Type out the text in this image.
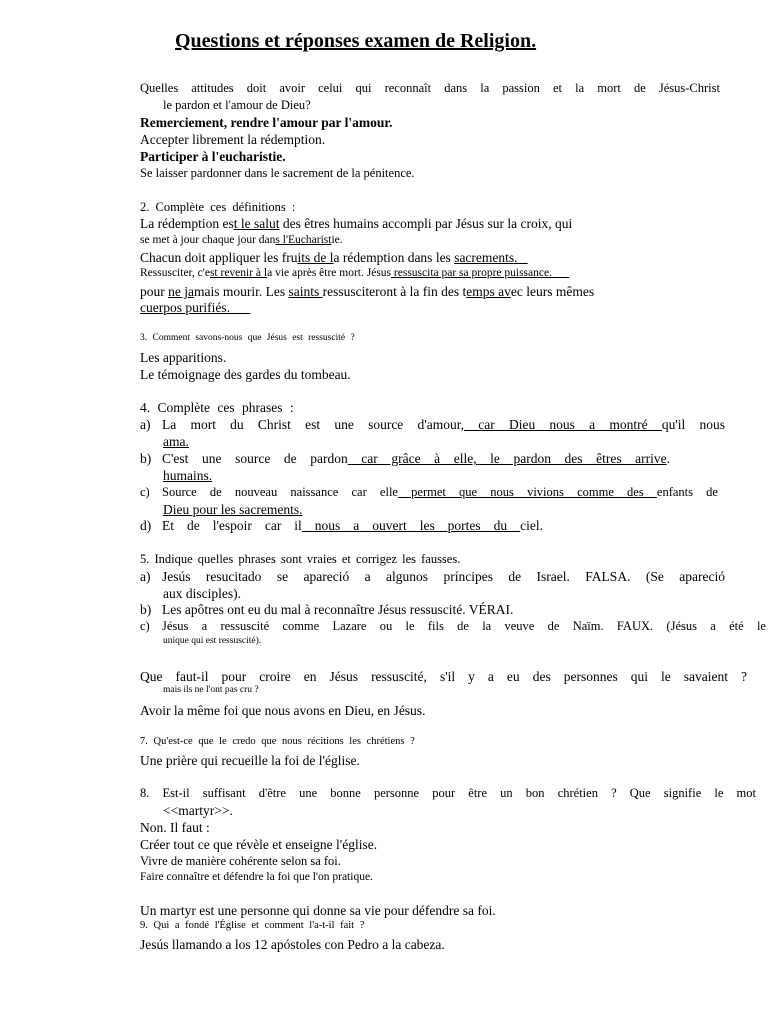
Questions et réponses examen de Religion.
Quelles attitudes doit avoir celui qui reconnaît dans la passion et la mort de Jésus-Christ
le pardon et l'amour de Dieu?
Remerciement, rendre l'amour par l'amour.
Accepter librement la rédemption.
Participer à l'eucharistie.
Se laisser pardonner dans le sacrement de la pénitence.
2. Complète ces définitions :
La rédemption est le salut des êtres humains accompli par Jésus sur la croix, qui
se met à jour chaque jour dans l'Eucharistie.
Chacun doit appliquer les fruits de la rédemption dans les sacrements.
Ressusciter, c'est revenir à la vie après être mort. Jésus ressuscita par sa propre puissance.
pour ne jamais mourir. Les saints ressusciteront à la fin des temps avec leurs mêmes
cuerpos purifiés.
3. Comment savons-nous que Jésus est ressuscité ?
Les apparitions.
Le témoignage des gardes du tombeau.
4. Complète ces phrases :
a) La mort du Christ est une source d'amour, car Dieu nous a montré qu'il nous
ama.
b) C'est une source de pardon car grâce à elle, le pardon des êtres arrive.
humains.
c) Source de nouveau naissance car elle permet que nous vivions comme des enfants de
Dieu pour les sacrements.
d) Et de l'espoir car il nous a ouvert les portes du ciel.
5. Indique quelles phrases sont vraies et corrigez les fausses.
a) Jesús resucitado se apareció a algunos príncipes de Israel. FALSA. (Se apareció
aux disciples).
b) Les apôtres ont eu du mal à reconnaître Jésus ressuscité. VÉRAI.
c) Jésus a ressuscité comme Lazare ou le fils de la veuve de Naïm. FAUX. (Jésus a été le
unique qui est ressuscité).
Que faut-il pour croire en Jésus ressuscité, s'il y a eu des personnes qui le savaient ?
mais ils ne l'ont pas cru ?
Avoir la même foi que nous avons en Dieu, en Jésus.
7. Qu'est-ce que le credo que nous récitions les chrétiens ?
Une prière qui recueille la foi de l'église.
8. Est-il suffisant d'être une bonne personne pour être un bon chrétien ? Que signifie le mot
<<martyr>>.
Non. Il faut :
Créer tout ce que révèle et enseigne l'église.
Vivre de manière cohérente selon sa foi.
Faire connaître et défendre la foi que l'on pratique.
Un martyr est une personne qui donne sa vie pour défendre sa foi.
9. Qui a fondé l'Église et comment l'a-t-il fait ?
Jesús llamando a los 12 apóstoles con Pedro a la cabeza.
